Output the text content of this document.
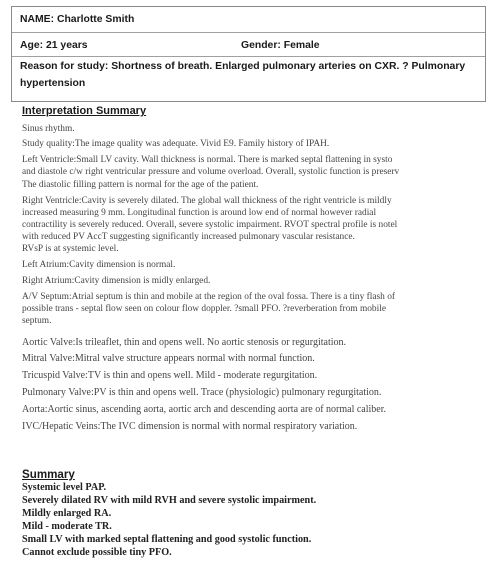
NAME: Charlotte Smith
Age: 21 years	Gender: Female
Reason for study: Shortness of breath. Enlarged pulmonary arteries on CXR. ? Pulmonary
hypertension
Interpretation Summary
Sinus rhythm.
Study quality:The image quality was adequate. Vivid E9. Family history of IPAH.
Left Ventricle:Small LV cavity. Wall thickness is normal. There is marked septal flattening in systo
and diastole c/w right ventricular pressure and volume overload. Overall, systolic function is preserv
The diastolic filling pattern is normal for the age of the patient.
Right Ventricle:Cavity is severely dilated. The global wall thickness of the right ventricle is mildly
increased measuring 9 mm. Longitudinal function is around low end of normal however radial
contractility is severely reduced. Overall, severe systolic impairment. RVOT spectral profile is notel
with reduced PV AccT suggesting significantly increased pulmonary vascular resistance.
RVsP is at systemic level.
Left Atrium:Cavity dimension is normal.
Right Atrium:Cavity dimension is midly enlarged.
A/V Septum:Atrial septum is thin and mobile at the region of the oval fossa. There is a tiny flash of
possible trans - septal flow seen on colour flow doppler. ?small PFO. ?reverberation from mobile
septum.
Aortic Valve:Is trileaflet, thin and opens well. No aortic stenosis or regurgitation.
Mitral Valve:Mitral valve structure appears normal with normal function.
Tricuspid Valve:TV is thin and opens well. Mild - moderate regurgitation.
Pulmonary Valve:PV is thin and opens well. Trace (physiologic) pulmonary regurgitation.
Aorta:Aortic sinus, ascending aorta, aortic arch and descending aorta are of normal caliber.
IVC/Hepatic Veins:The IVC dimension is normal with normal respiratory variation.
Summary
Systemic level PAP.
Severely dilated RV with mild RVH and severe systolic impairment.
Mildly enlarged RA.
Mild - moderate TR.
Small LV with marked septal flattening and good systolic function.
Cannot exclude possible tiny PFO.
